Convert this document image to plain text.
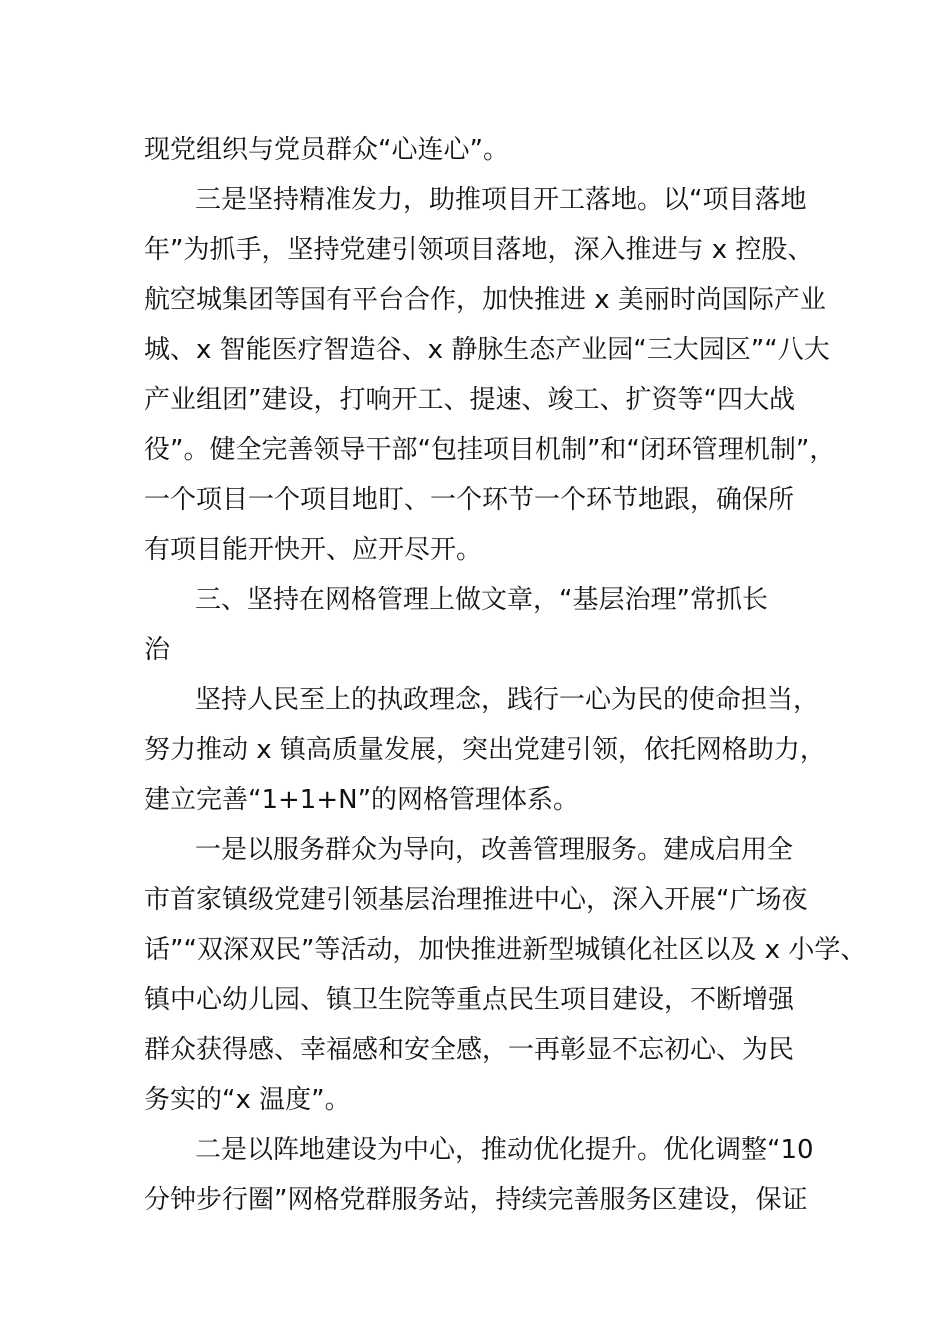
现党组织与党员群众“心连心”。
三是坚持精准发力，助推项目开工落地。以“项目落地
年”为抓手，坚持党建引领项目落地，深入推进与 x 控股、
航空城集团等国有平台合作，加快推进 x 美丽时尚国际产业
城、x 智能医疗智造谷、x 静脉生态产业园“三大园区”“八大
产业组团”建设，打响开工、提速、竣工、扩资等“四大战
役”。健全完善领导干部“包挂项目机制”和“闭环管理机制”，
一个项目一个项目地盯、一个环节一个环节地跟，确保所
有项目能开快开、应开尽开。
三、坚持在网格管理上做文章，“基层治理”常抓长
治
坚持人民至上的执政理念，践行一心为民的使命担当，
努力推动 x 镇高质量发展，突出党建引领，依托网格助力，
建立完善“1+1+N”的网格管理体系。
一是以服务群众为导向，改善管理服务。建成启用全
市首家镇级党建引领基层治理推进中心，深入开展“广场夜
话”“双深双民”等活动，加快推进新型城镇化社区以及 x 小学、
镇中心幼儿园、镇卫生院等重点民生项目建设，不断增强
群众获得感、幸福感和安全感，一再彰显不忘初心、为民
务实的“x 温度”。
二是以阵地建设为中心，推动优化提升。优化调整“10
分钟步行圈”网格党群服务站，持续完善服务区建设，保证
